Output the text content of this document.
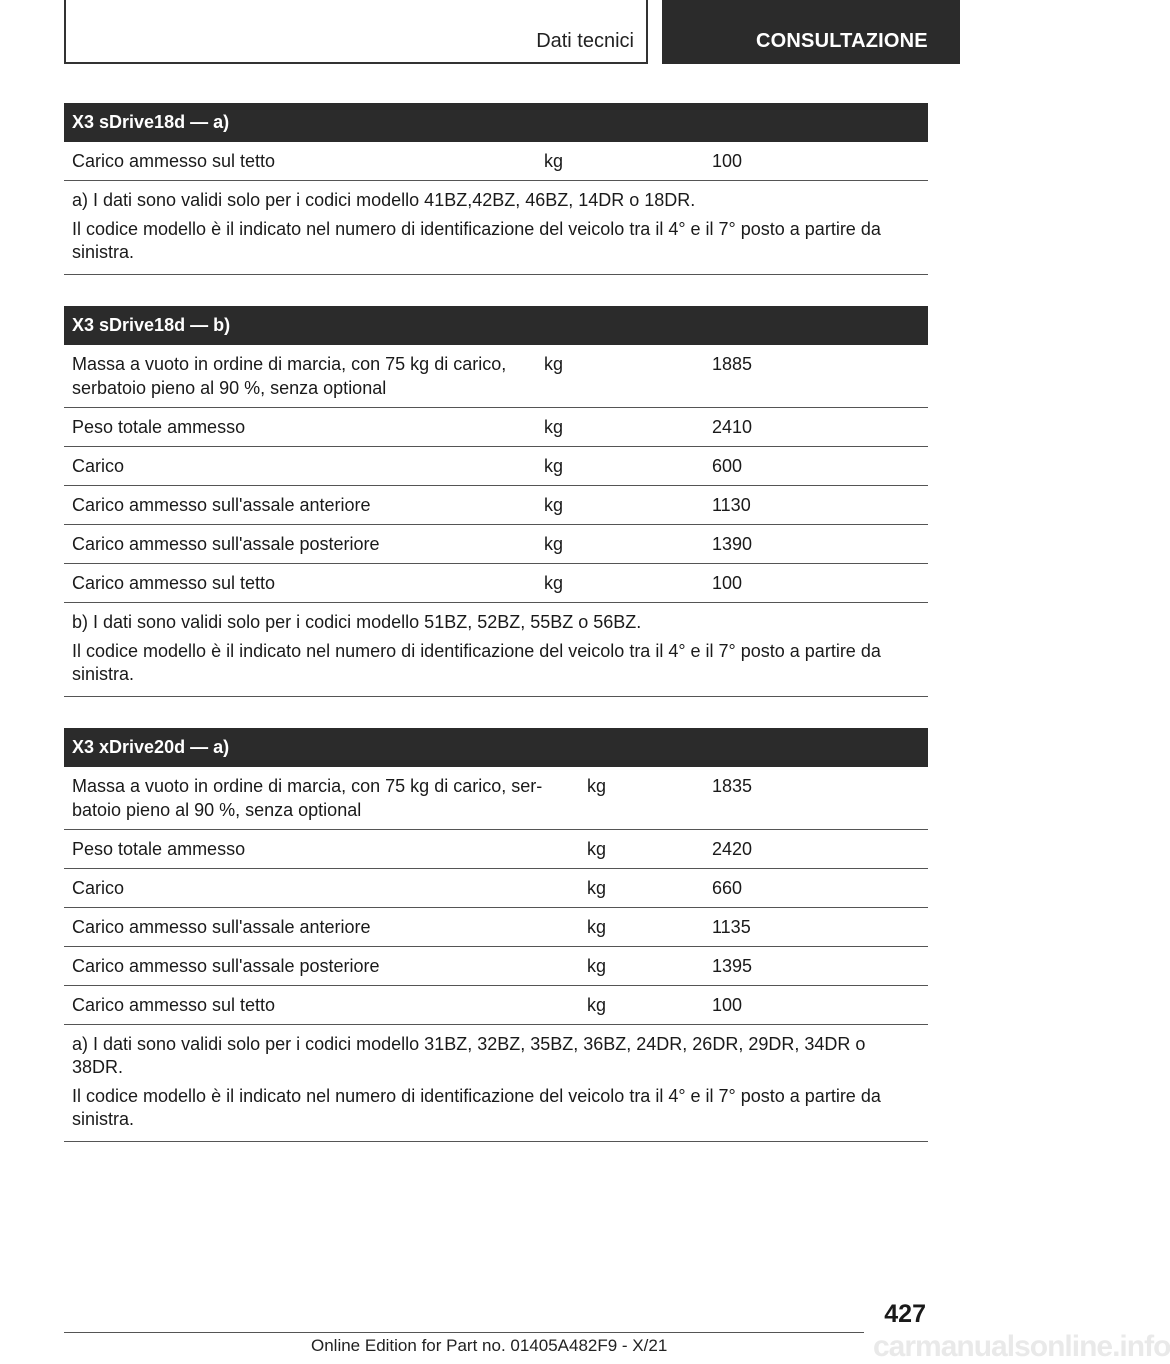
Dati tecnici	CONSULTAZIONE
X3 sDrive18d — a)
Carico ammesso sul tetto	kg	100

a) I dati sono validi solo per i codici modello 41BZ,42BZ, 46BZ, 14DR o 18DR.

Il codice modello è il indicato nel numero di identificazione del veicolo tra il 4° e il 7° posto a partire da sinistra.

X3 sDrive18d — b)		
Massa a vuoto in ordine di marcia, con 75 kg di carico, serbatoio pieno al 90 %, senza optional	kg	1885
Peso totale ammesso	kg	2410
Carico	kg	600
Carico ammesso sull'assale anteriore	kg	1130
Carico ammesso sull'assale posteriore	kg	1390
Carico ammesso sul tetto	kg	100

b) I dati sono validi solo per i codici modello 51BZ, 52BZ, 55BZ o 56BZ.

Il codice modello è il indicato nel numero di identificazione del veicolo tra il 4° e il 7° posto a partire da sinistra.		

X3 xDrive20d — a)		
Massa a vuoto in ordine di marcia, con 75 kg di carico, serbatoio pieno al 90 %, senza optional	kg	1835
Peso totale ammesso	kg	2420
Carico	kg	660
Carico ammesso sull'assale anteriore	kg	1135
Carico ammesso sull'assale posteriore	kg	1395
Carico ammesso sul tetto	kg	100

a) I dati sono validi solo per i codici modello 31BZ, 32BZ, 35BZ, 36BZ, 24DR, 26DR, 29DR, 34DR o 38DR.

Il codice modello è il indicato nel numero di identificazione del veicolo tra il 4° e il 7° posto a partire da sinistra.		

427
Online Edition for Part no. 01405A482F9 - X/21	carmanualsonline.info
